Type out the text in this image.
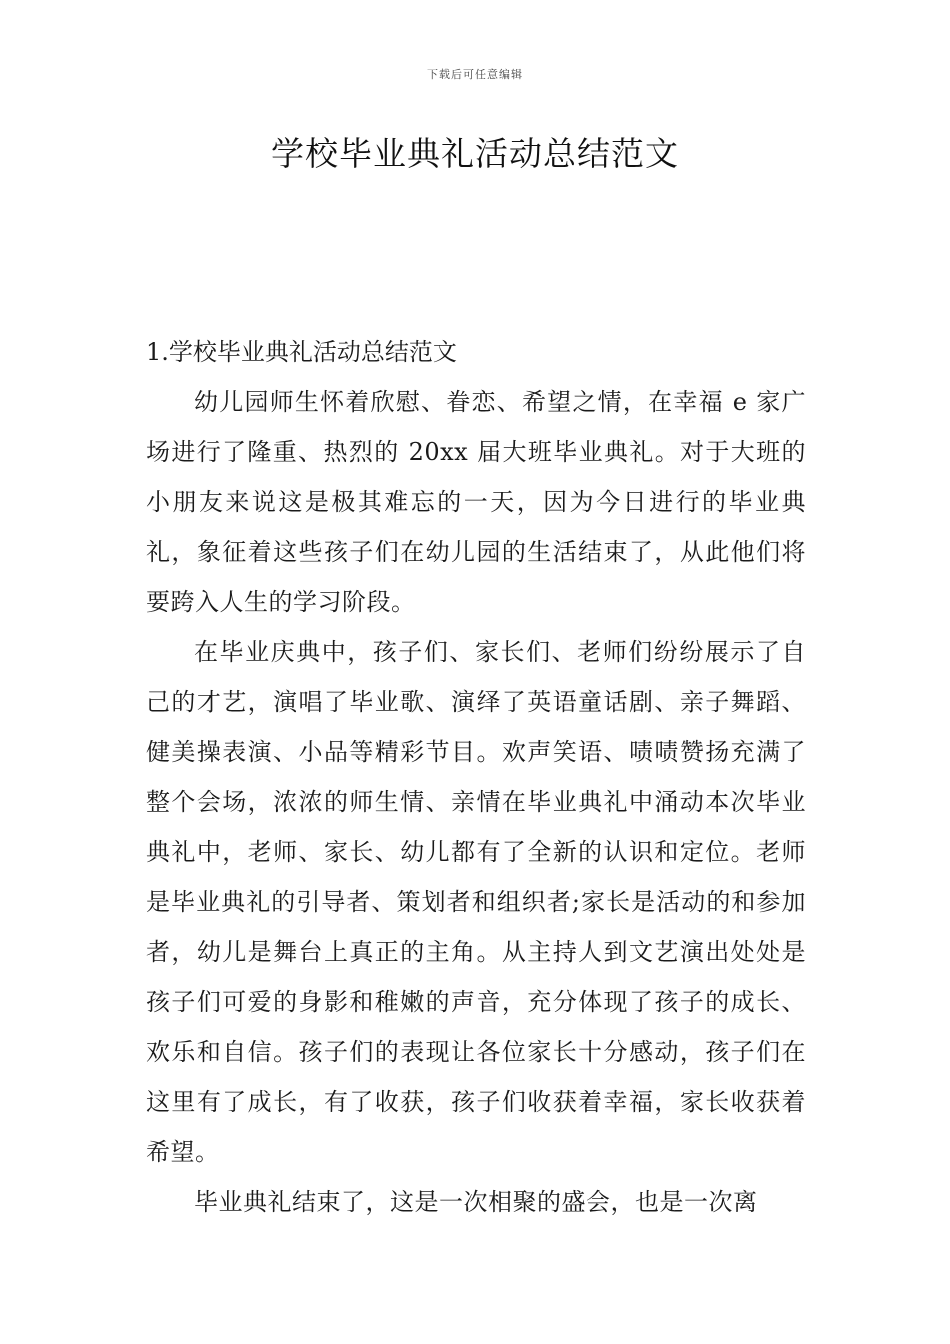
下载后可任意编辑
学校毕业典礼活动总结范文

1.学校毕业典礼活动总结范文

幼儿园师生怀着欣慰、眷恋、希望之情，在幸福 e 家广场进行了隆重、热烈的 20xx 届大班毕业典礼。对于大班的小朋友来说这是极其难忘的一天，因为今日进行的毕业典礼，象征着这些孩子们在幼儿园的生活结束了，从此他们将要跨入人生的学习阶段。

在毕业庆典中，孩子们、家长们、老师们纷纷展示了自己的才艺，演唱了毕业歌、演绎了英语童话剧、亲子舞蹈、健美操表演、小品等精彩节目。欢声笑语、啧啧赞扬充满了整个会场，浓浓的师生情、亲情在毕业典礼中涌动本次毕业典礼中，老师、家长、幼儿都有了全新的认识和定位。老师是毕业典礼的引导者、策划者和组织者;家长是活动的和参加者，幼儿是舞台上真正的主角。从主持人到文艺演出处处是孩子们可爱的身影和稚嫩的声音，充分体现了孩子的成长、欢乐和自信。孩子们的表现让各位家长十分感动，孩子们在这里有了成长，有了收获，孩子们收获着幸福，家长收获着希望。

毕业典礼结束了，这是一次相聚的盛会，也是一次离
